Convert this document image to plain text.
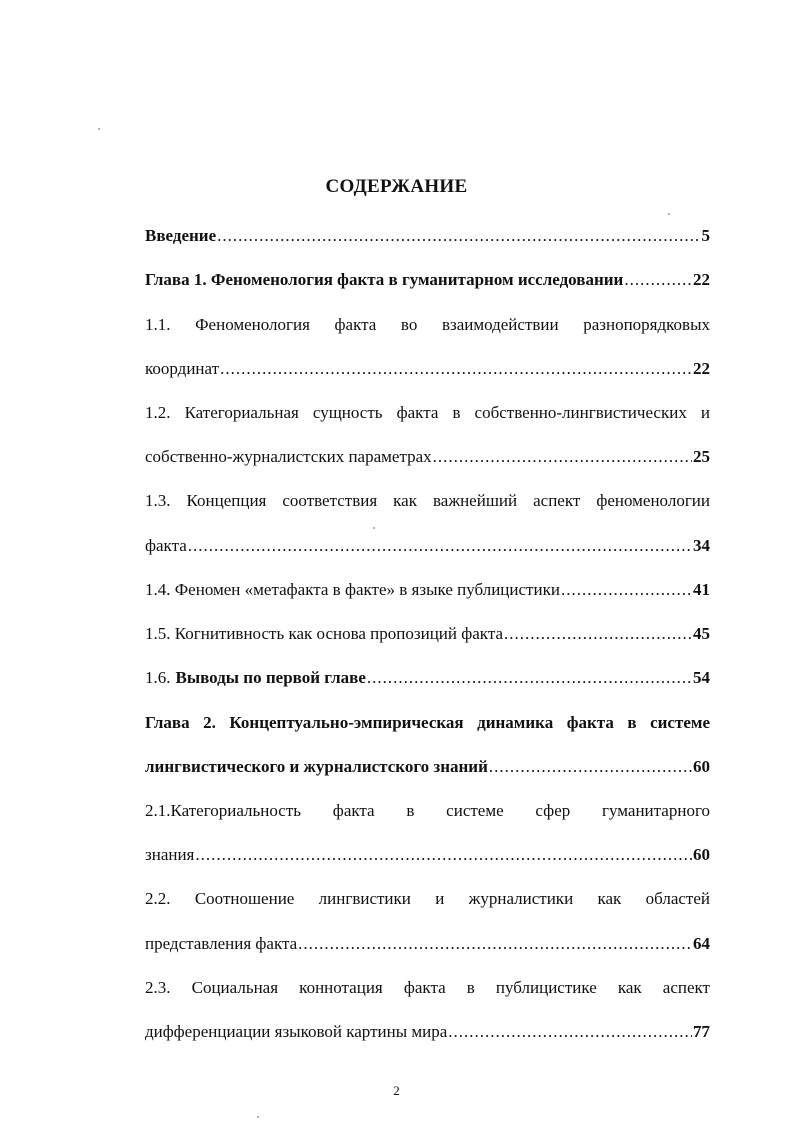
СОДЕРЖАНИЕ
Введение .....	5
Глава 1. Феноменология факта в гуманитарном исследовании .....	22
1.1. Феноменология факта во взаимодействии разнопорядковых
координат .....	22
1.2. Категориальная сущность факта в собственно-лингвистических и
собственно-журналистских параметрах .....	25
1.3. Концепция соответствия как важнейший аспект феноменологии
факта .....	34
1.4. Феномен «метафакта в факте» в языке публицистики .....	41
1.5. Когнитивность как основа пропозиций факта .....	45
1.6. Выводы по первой главе .....	54
Глава 2. Концептуально-эмпирическая динамика факта в системе
лингвистического и журналистского знаний .....	60
2.1.Категориальность факта в системе сфер гуманитарного
знания .....	60
2.2. Соотношение лингвистики и журналистики как областей
представления факта .....	64
2.3. Социальная коннотация факта в публицистике как аспект
дифференциации языковой картины мира .....	77
2
